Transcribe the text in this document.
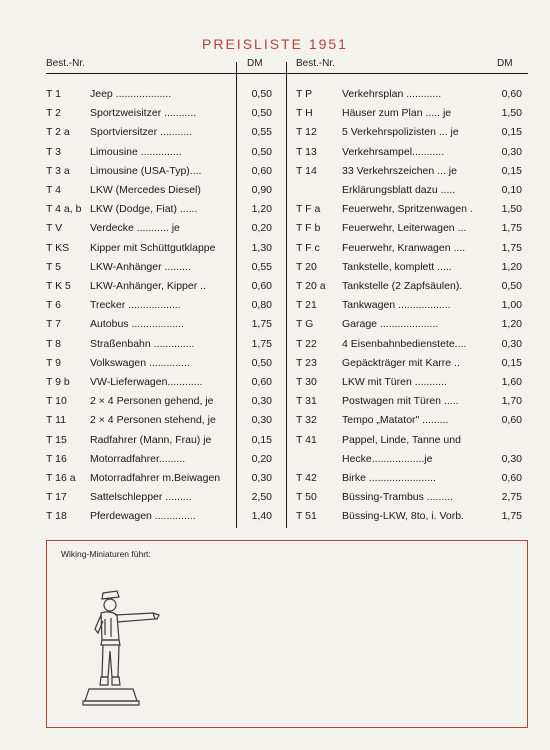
PREISLISTE 1951
Best.-Nr.	DM	Best.-Nr.	DM
T 1	Jeep ...................	0,50
T 2	Sportzweisitzer ...........	0,50
T 2 a Sportviersitzer ...........	0,55
T 3	Limousine ..............	0,50
T 3 a Limousine (USA-Typ)....	0,60
T 4	LKW (Mercedes Diesel)	0,90
T 4 a, b LKW (Dodge, Fiat) ......	1,20
T V	Verdecke ........... je	0,20
T KS Kipper mit Schüttgutklappe	1,30
T 5	LKW-Anhänger .........	0,55
T K 5 LKW-Anhänger, Kipper ..	0,60
T 6	Trecker ..................	0,80
T 7	Autobus ..................	1,75
T 8	Straßenbahn ..............	1,75
T 9	Volkswagen ..............	0,50
T 9 b VW-Lieferwagen............	0,60
T 10 2 × 4 Personen gehend, je	0,30
T 11 2 × 4 Personen stehend, je	0,30
T 15 Radfahrer (Mann, Frau) je	0,15
T 16 Motorradfahrer.........	0,20
T 16 a Motorradfahrer m.Beiwagen	0,30
T 17 Sattelschlepper .........	2,50
T 18 Pferdewagen ..............	1,40
T P	Verkehrsplan ............	0,60
T H	Häuser zum Plan ..... je	1,50
T 12 5 Verkehrspolizisten ... je	0,15
T 13 Verkehrsampel...........	0,30
T 14 33 Verkehrszeichen ... je	0,15
Erklärungsblatt dazu .....	0,10
T F a Feuerwehr, Spritzenwagen .	1,50
T F b Feuerwehr, Leiterwagen ...	1,75
T F c Feuerwehr, Kranwagen ....	1,75
T 20 Tankstelle, komplett .....	1,20
T 20 a Tankstelle (2 Zapfsäulen).	0,50
T 21 Tankwagen ..................	1,00
T G	Garage ....................	1,20
T 22 4 Eisenbahnbedienstete....	0,30
T 23 Gepäckträger mit Karre ..	0,15
T 30 LKW mit Türen ...........	1,60
T 31 Postwagen mit Türen .....	1,70
T 32 Tempo „Matator" .........	0,60
T 41 Pappel, Linde, Tanne und
Hecke..................je	0,30
T 42 Birke .......................	0,60
T 50 Büssing-Trambus .........	2,75
T 51 Büssing-LKW, 8to, i. Vorb.	1,75
Wiking-Miniaturen führt:
